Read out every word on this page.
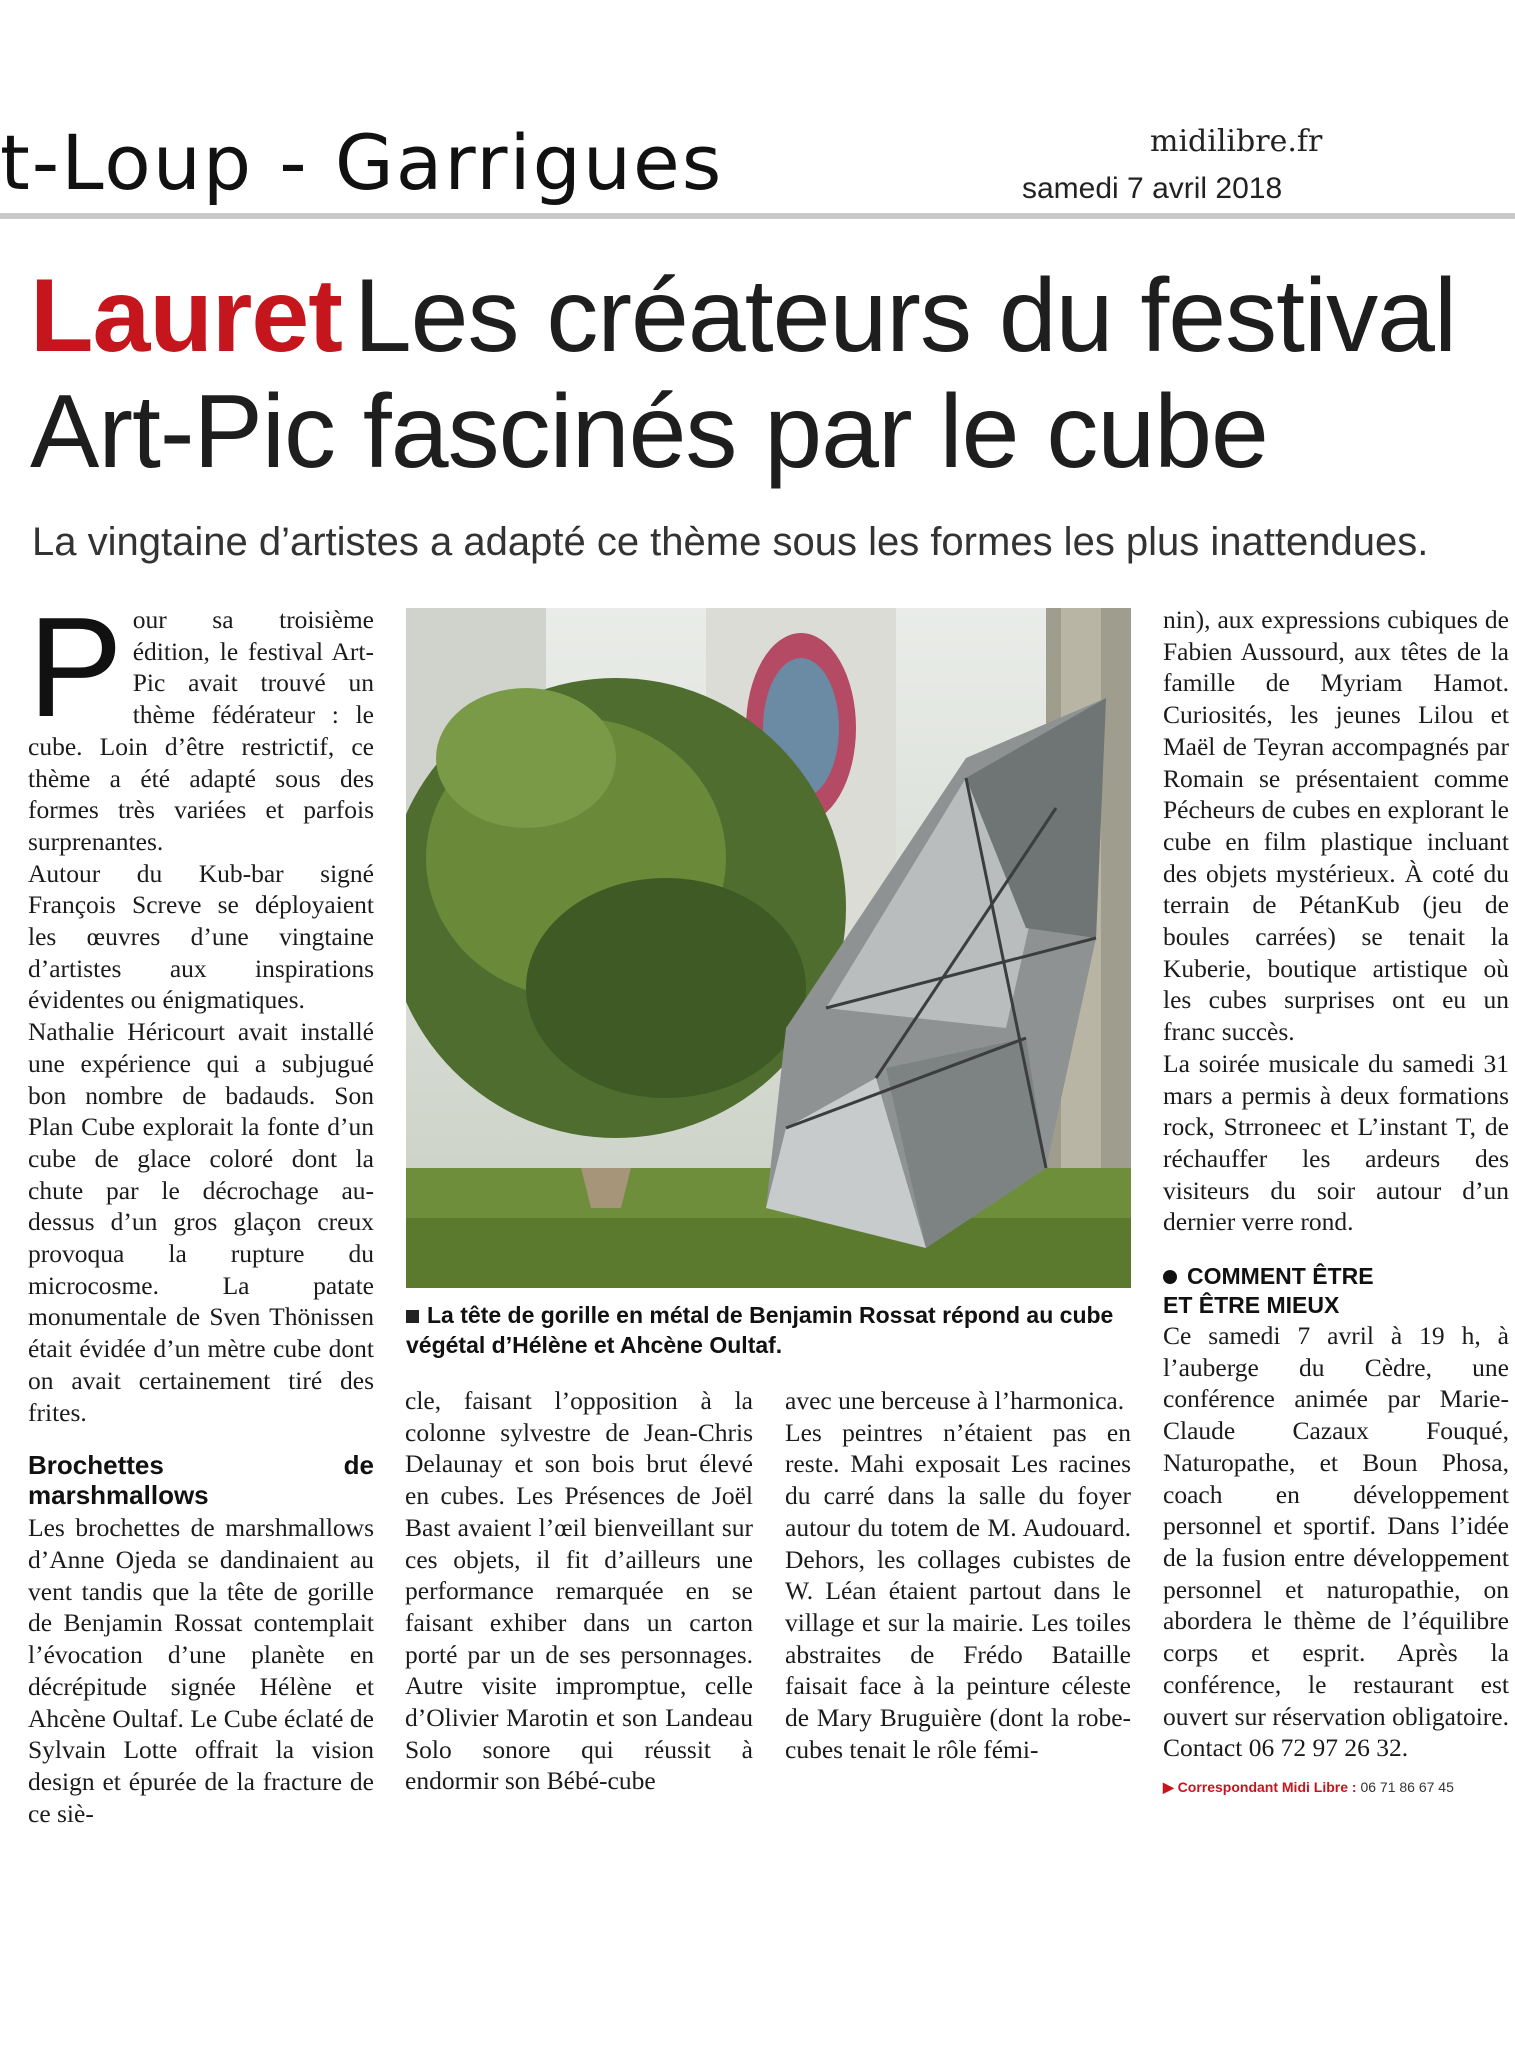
t-Loup - Garrigues	midilibre.fr
samedi 7 avril 2018
Lauret Les créateurs du festival Art-Pic fascinés par le cube
La vingtaine d’artistes a adapté ce thème sous les formes les plus inattendues.
P our sa troisième édition, le festival Art-Pic avait trouvé un thème fédérateur : le cube. Loin d’être restrictif, ce thème a été adapté sous des formes très variées et parfois surprenantes.

Autour du Kub-bar signé François Screve se déployaient les œuvres d’une vingtaine d’artistes aux inspirations évidentes ou énigmatiques.

Nathalie Héricourt avait installé une expérience qui a subjugué bon nombre de badauds. Son Plan Cube explorait la fonte d’un cube de glace coloré dont la chute par le décrochage au-dessus d’un gros glaçon creux provoqua la rupture du microcosme. La patate monumentale de Sven Thönissen était évidée d’un mètre cube dont on avait certainement tiré des frites.

Brochettes de marshmallows

Les brochettes de marshmallows d’Anne Ojeda se dandinaient au vent tandis que la tête de gorille de Benjamin Rossat contemplait l’évocation d’une planète en décrépitude signée Hélène et Ahcène Oultaf. Le Cube éclaté de Sylvain Lotte offrait la vision design et épurée de la fracture de ce siè-

La tête de gorille en métal de Benjamin Rossat répond au cube végétal d’Hélène et Ahcène Oultaf.

cle, faisant l’opposition à la colonne sylvestre de Jean-Chris Delaunay et son bois brut élevé en cubes. Les Présences de Joël Bast avaient l’œil bienveillant sur ces objets, il fit d’ailleurs une performance remarquée en se faisant exhiber dans un carton porté par un de ses personnages. Autre visite impromptue, celle d’Olivier Marotin et son Landeau Solo sonore qui réussit à endormir son Bébé-cube

avec une berceuse à l’harmonica.

Les peintres n’étaient pas en reste. Mahi exposait Les racines du carré dans la salle du foyer autour du totem de M. Audouard. Dehors, les collages cubistes de W. Léan étaient partout dans le village et sur la mairie. Les toiles abstraites de Frédo Bataille faisait face à la peinture céleste de Mary Bruguière (dont la robe-cubes tenait le rôle fémi-

nin), aux expressions cubiques de Fabien Aussourd, aux têtes de la famille de Myriam Hamot. Curiosités, les jeunes Lilou et Maël de Teyran accompagnés par Romain se présentaient comme Pécheurs de cubes en explorant le cube en film plastique incluant des objets mystérieux. À coté du terrain de PétanKub (jeu de boules carrées) se tenait la Kuberie, boutique artistique où les cubes surprises ont eu un franc succès.

La soirée musicale du samedi 31 mars a permis à deux formations rock, Strroneec et L’instant T, de réchauffer les ardeurs des visiteurs du soir autour d’un dernier verre rond.

COMMENT ÊTRE
ET ÊTRE MIEUX

Ce samedi 7 avril à 19 h, à l’auberge du Cèdre, une conférence animée par Marie-Claude Cazaux Fouqué, Naturopathe, et Boun Phosa, coach en développement personnel et sportif. Dans l’idée de la fusion entre développement personnel et naturopathie, on abordera le thème de l’équilibre corps et esprit. Après la conférence, le restaurant est ouvert sur réservation obligatoire. Contact 06 72 97 26 32.

▶ Correspondant Midi Libre : 06 71 86 67 45
